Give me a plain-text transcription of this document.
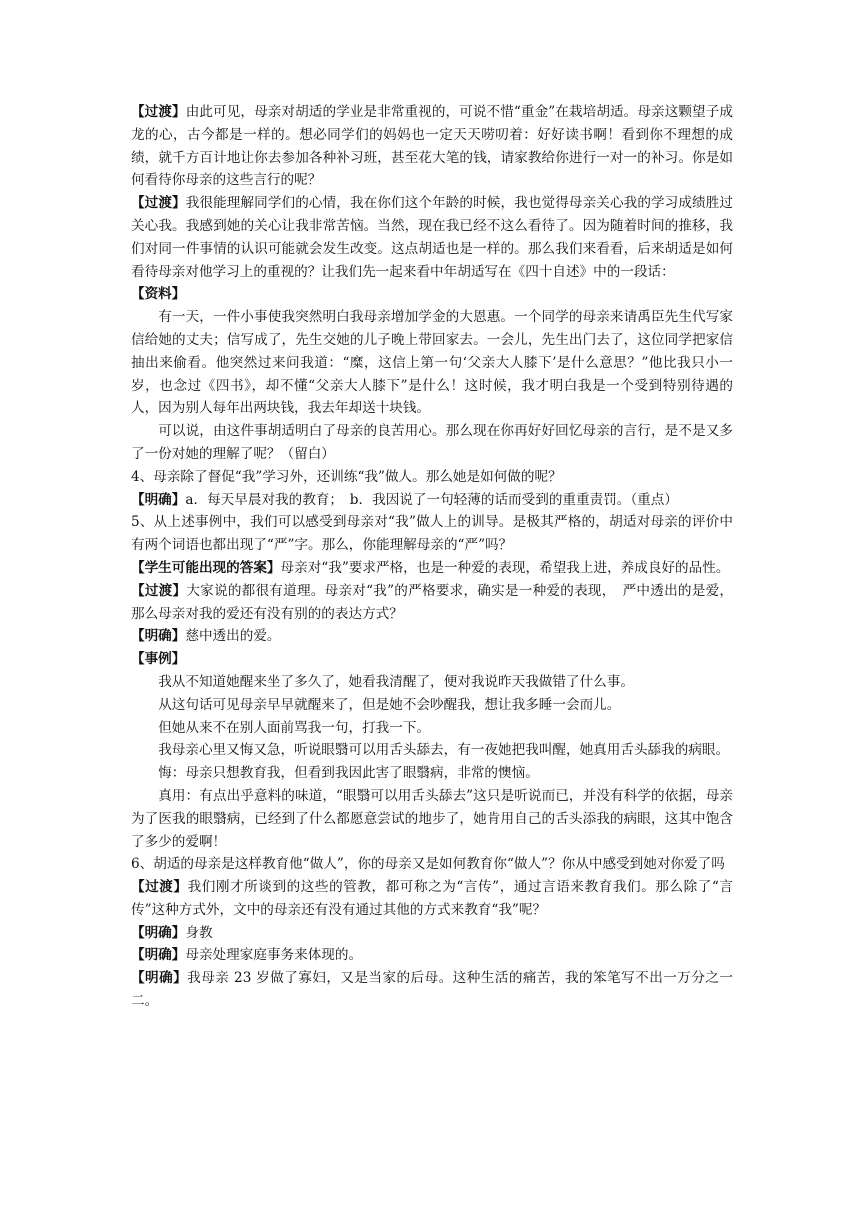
【过渡】由此可见，母亲对胡适的学业是非常重视的，可说不惜“重金”在栽培胡适。母亲这颗望子成龙的心，古今都是一样的。想必同学们的妈妈也一定天天唠叨着：好好读书啊！看到你不理想的成绩，就千方百计地让你去参加各种补习班，甚至花大笔的钱，请家教给你进行一对一的补习。你是如何看待你母亲的这些言行的呢？

【过渡】我很能理解同学们的心情，我在你们这个年龄的时候，我也觉得母亲关心我的学习成绩胜过关心我。我感到她的关心让我非常苦恼。当然，现在我已经不这么看待了。因为随着时间的推移，我们对同一件事情的认识可能就会发生改变。这点胡适也是一样的。那么我们来看看，后来胡适是如何看待母亲对他学习上的重视的？让我们先一起来看中年胡适写在《四十自述》中的一段话：

【资料】

有一天，一件小事使我突然明白我母亲增加学金的大恩惠。一个同学的母亲来请禹臣先生代写家信给她的丈夫；信写成了，先生交她的儿子晚上带回家去。一会儿，先生出门去了，这位同学把家信抽出来偷看。他突然过来问我道：“糜，这信上第一句‘父亲大人膝下’是什么意思？”他比我只小一岁，也念过《四书》，却不懂“父亲大人膝下”是什么！这时候，我才明白我是一个受到特别待遇的人，因为别人每年出两块钱，我去年却送十块钱。

可以说，由这件事胡适明白了母亲的良苦用心。那么现在你再好好回忆母亲的言行，是不是又多了一份对她的理解了呢？（留白）

4、母亲除了督促“我”学习外，还训练“我”做人。那么她是如何做的呢？

【明确】a．每天早晨对我的教育；　b．我因说了一句轻薄的话而受到的重重责罚。（重点）

5、从上述事例中，我们可以感受到母亲对“我”做人上的训导。是极其严格的，胡适对母亲的评价中有两个词语也都出现了“严”字。那么，你能理解母亲的“严”吗？

【学生可能出现的答案】母亲对“我”要求严格，也是一种爱的表现，希望我上进，养成良好的品性。

【过渡】大家说的都很有道理。母亲对“我”的严格要求，确实是一种爱的表现，　严中透出的是爱，那么母亲对我的爱还有没有别的的表达方式？

【明确】慈中透出的爱。

【事例】

我从不知道她醒来坐了多久了，她看我清醒了，便对我说昨天我做错了什么事。

从这句话可见母亲早早就醒来了，但是她不会吵醒我，想让我多睡一会而儿。

但她从来不在别人面前骂我一句，打我一下。

我母亲心里又悔又急，听说眼翳可以用舌头舔去，有一夜她把我叫醒，她真用舌头舔我的病眼。

悔：母亲只想教育我，但看到我因此害了眼翳病，非常的懊恼。

真用：有点出乎意料的味道，“眼翳可以用舌头舔去”这只是听说而已，并没有科学的依据，母亲为了医我的眼翳病，已经到了什么都愿意尝试的地步了，她肯用自己的舌头添我的病眼，这其中饱含了多少的爱啊！

6、胡适的母亲是这样教育他“做人”，你的母亲又是如何教育你“做人”？你从中感受到她对你爱了吗

【过渡】我们刚才所谈到的这些的管教，都可称之为“言传”，通过言语来教育我们。那么除了“言传”这种方式外，文中的母亲还有没有通过其他的方式来教育“我”呢？

【明确】身教

【明确】母亲处理家庭事务来体现的。

【明确】我母亲 23 岁做了寡妇，又是当家的后母。这种生活的痛苦，我的笨笔写不出一万分之一二。
